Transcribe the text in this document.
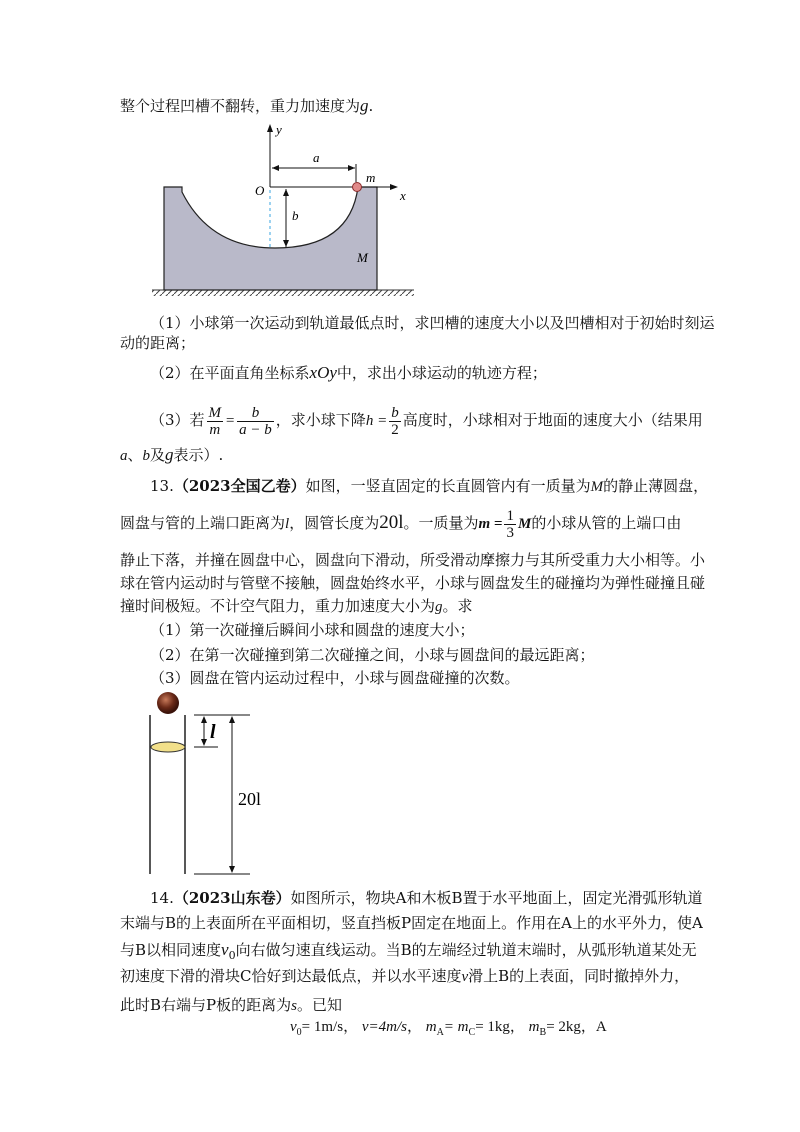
整个过程凹槽不翻转，重力加速度为g.
y
x
O
a
b
m
M
（1）小球第一次运动到轨道最低点时，求凹槽的速度大小以及凹槽相对于初始时刻运
动的距离；
（2）在平面直角坐标系xOy中，求出小球运动的轨迹方程；
（3）若 $\frac{M}{m} = \frac{b}{a - b}$ ，求小球下降$h = \frac{b}{2}$ 高度时，小球相对于地面的速度大小（结果用
a、b及g表示）.
13.（2023全国乙卷）如图，一竖直固定的长直圆管内有一质量为M的静止薄圆盘，
圆盘与管的上端口距离为l，圆管长度为20l。一质量为$m = \frac{1}{3}$ M的小球从管的上端口由
静止下落，并撞在圆盘中心，圆盘向下滑动，所受滑动摩擦力与其所受重力大小相等。小
球在管内运动时与管壁不接触，圆盘始终水平，小球与圆盘发生的碰撞均为弹性碰撞且碰
撞时间极短。不计空气阻力，重力加速度大小为g。求
（1）第一次碰撞后瞬间小球和圆盘的速度大小；
（2）在第一次碰撞到第二次碰撞之间，小球与圆盘间的最远距离；
（3）圆盘在管内运动过程中，小球与圆盘碰撞的次数。
l
20l
14.（2023山东卷）如图所示，物块A和木板B置于水平地面上，固定光滑弧形轨道
末端与B的上表面所在平面相切，竖直挡板P固定在地面上。作用在A上的水平外力，使A
与B以相同速度$v_0$向右做匀速直线运动。当B的左端经过轨道末端时，从弧形轨道某处无
初速度下滑的滑块C恰好到达最低点，并以水平速度v滑上B的上表面，同时撤掉外力，
此时B右端与P板的距离为s。已知
$v_0= 1m/s$， v=4m/s， $m_A= m_C= 1kg$， $m_B= 2kg$，A
